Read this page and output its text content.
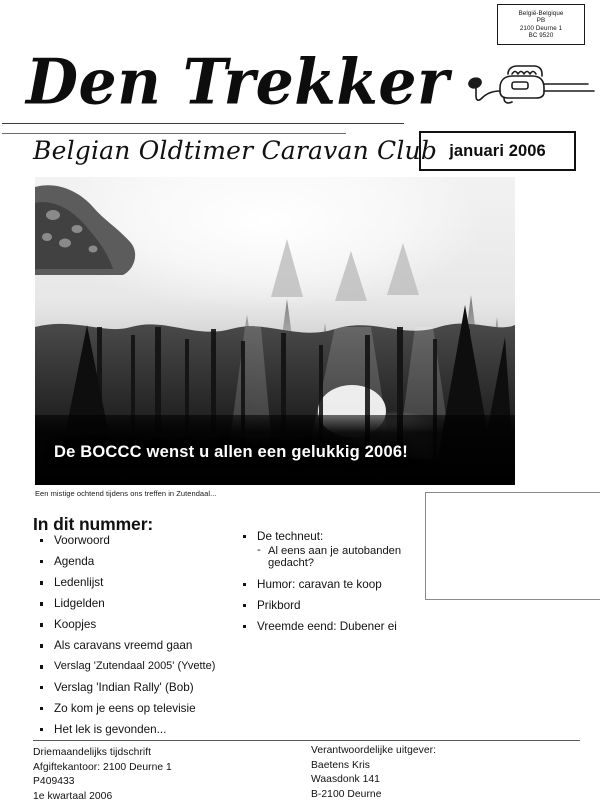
België-Belgique
PB
2100 Deurne 1
BC 9520
Den Trekker
Belgian Oldtimer Caravan Club januari 2006
De BOCCC wenst u allen een gelukkig 2006!
Een mistige ochtend tijdens ons treffen in Zutendaal...
In dit nummer:
Voorwoord
Agenda
Ledenlijst
Lidgelden
Koopjes
Als caravans vreemd gaan
Verslag 'Zutendaal 2005' (Yvette)
Verslag 'Indian Rally' (Bob)
Zo kom je eens op televisie
Het lek is gevonden...
De techneut:
- Al eens aan je autobanden gedacht?
Humor: caravan te koop
Prikbord
Vreemde eend: Dubener ei
Driemaandelijks tijdschrift
Afgiftekantoor: 2100 Deurne 1
P409433
1e kwartaal 2006
Verantwoordelijke uitgever:
Baetens Kris
Waasdonk 141
B-2100 Deurne
